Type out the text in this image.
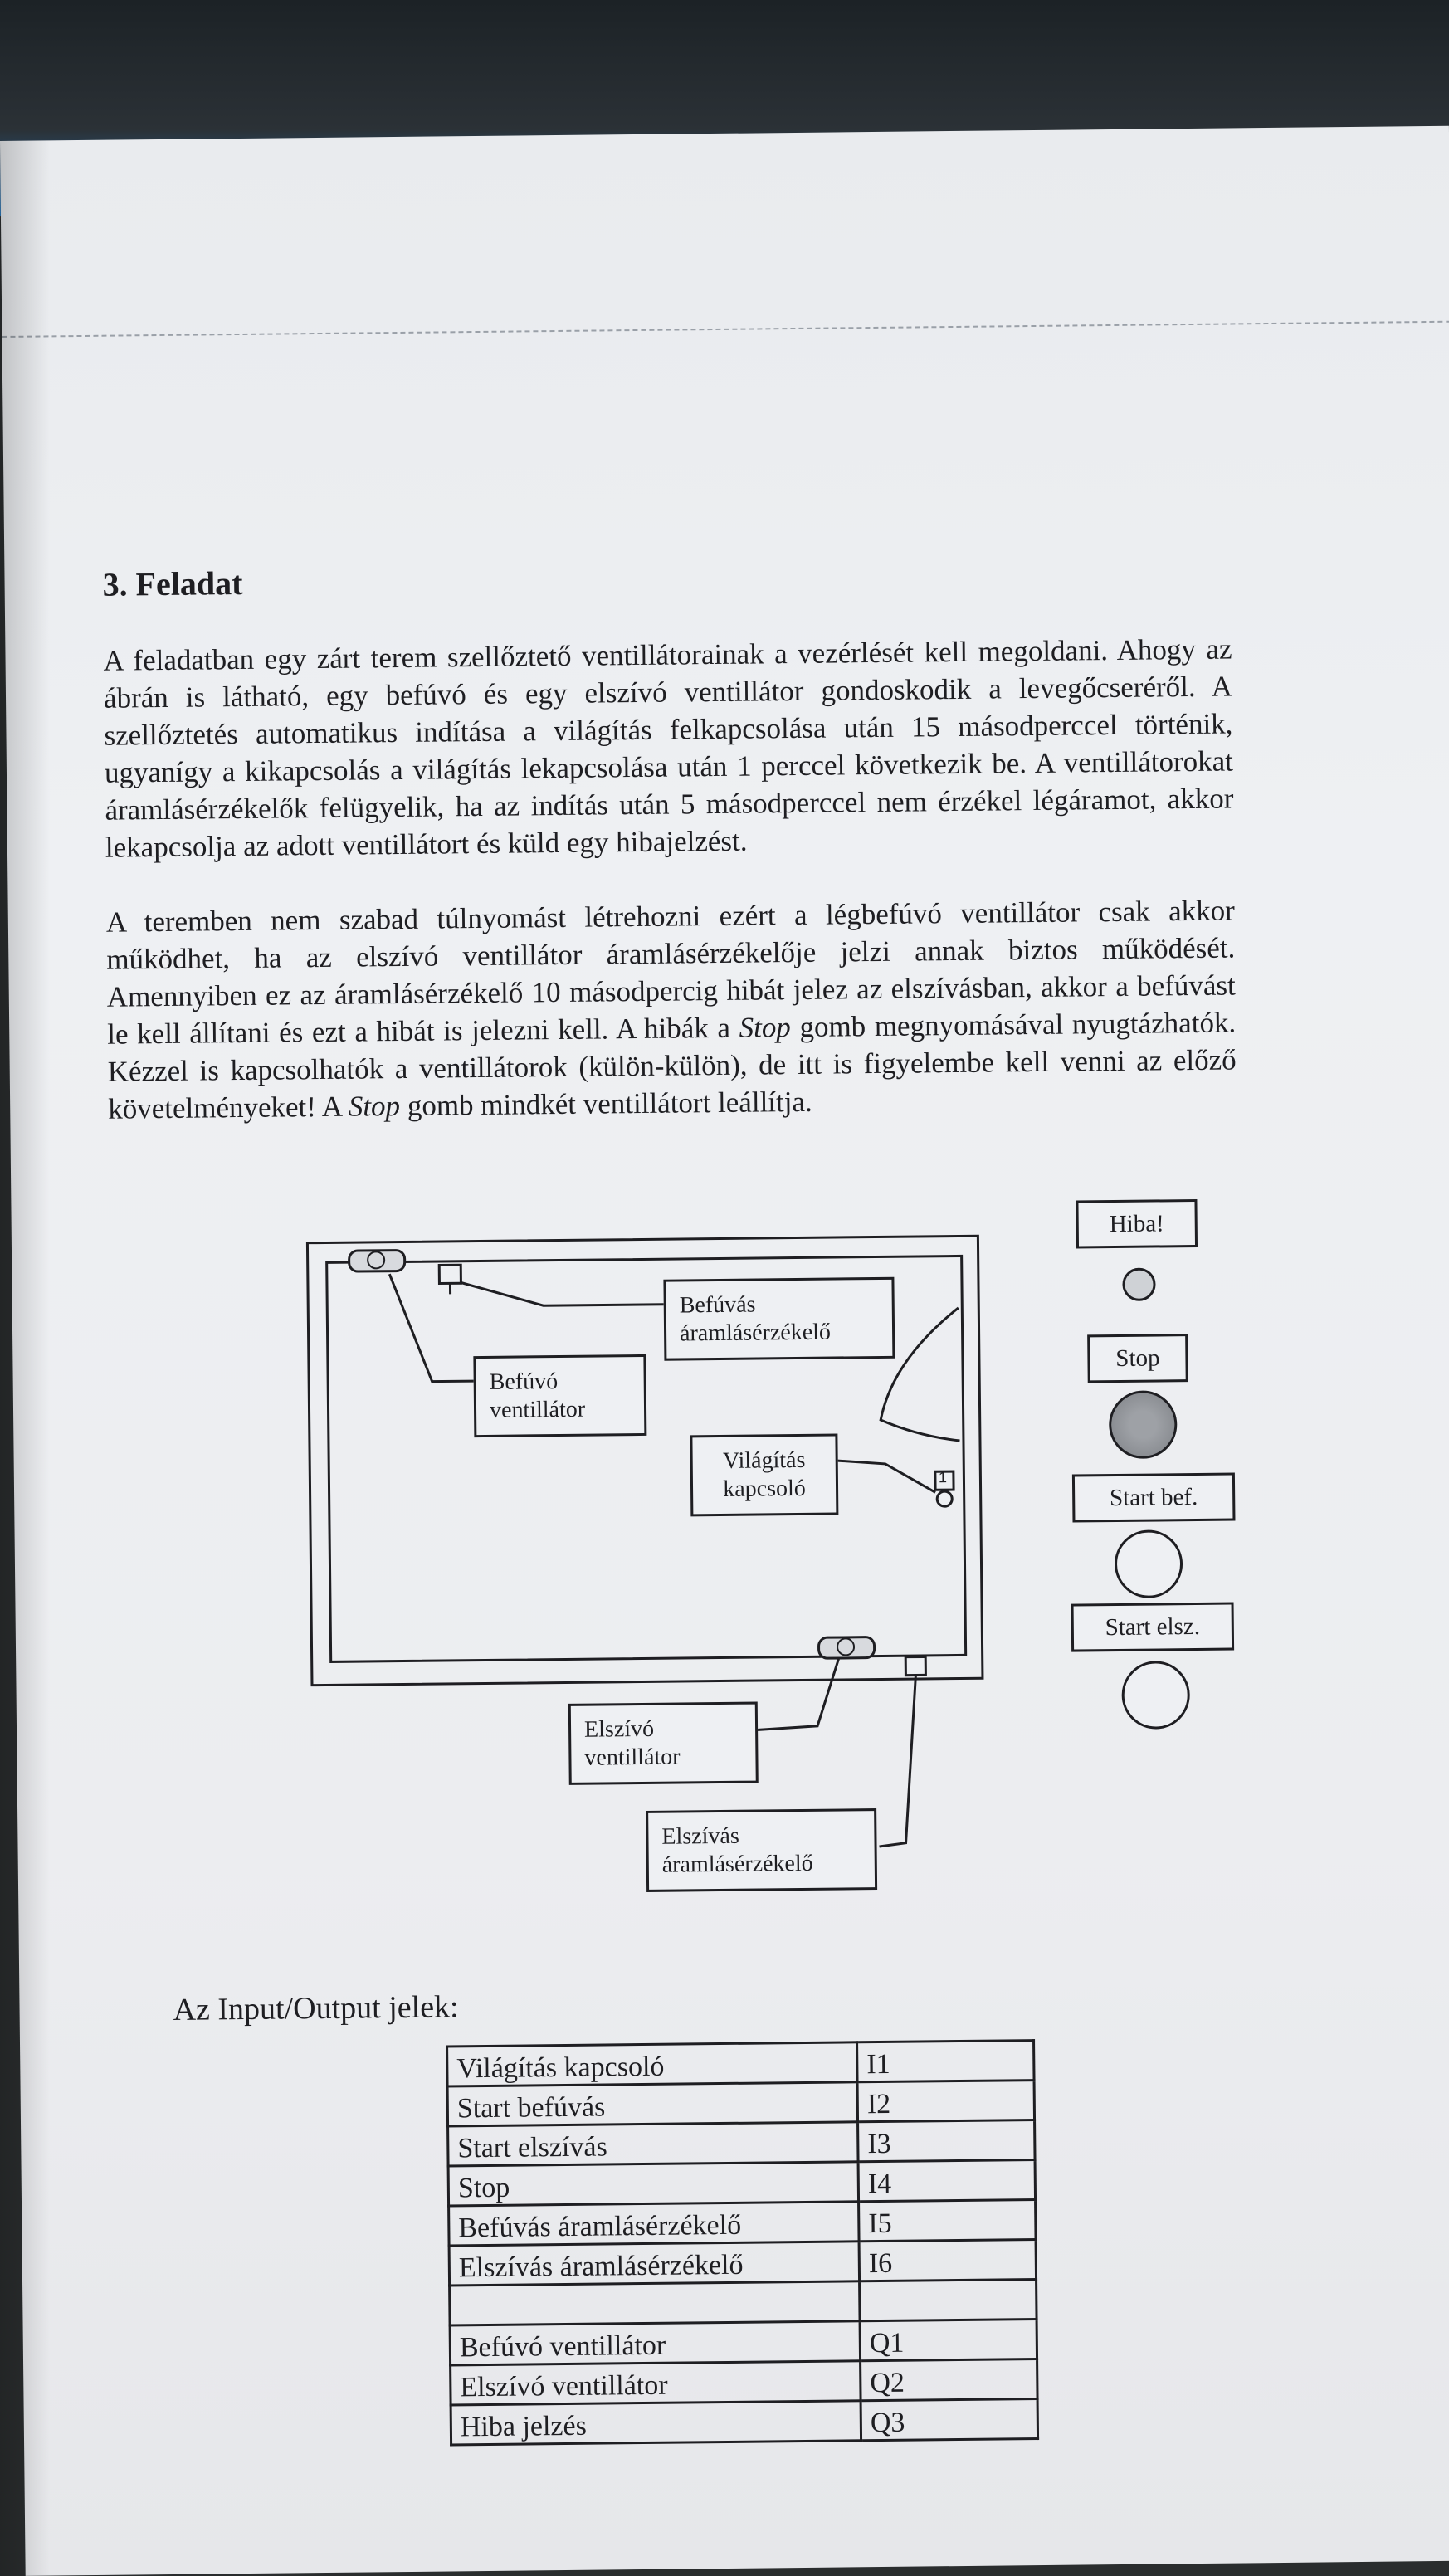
3. Feladat
A feladatban egy zárt terem szellőztető ventillátorainak a vezérlését kell megoldani. Ahogy az ábrán is látható, egy befúvó és egy elszívó ventillátor gondoskodik a levegőcseréről. A szellőztetés automatikus indítása a világítás felkapcsolása után 15 másodperccel történik, ugyanígy a kikapcsolás a világítás lekapcsolása után 1 perccel következik be. A ventillátorokat áramlásérzékelők felügyelik, ha az indítás után 5 másodperccel nem érzékel légáramot, akkor lekapcsolja az adott ventillátort és küld egy hibajelzést.
A teremben nem szabad túlnyomást létrehozni ezért a légbefúvó ventillátor csak akkor működhet, ha az elszívó ventillátor áramlásérzékelője jelzi annak biztos működését. Amennyiben ez az áramlásérzékelő 10 másodpercig hibát jelez az elszívásban, akkor a befúvást le kell állítani és ezt a hibát is jelezni kell. A hibák a Stop gomb megnyomásával nyugtázhatók. Kézzel is kapcsolhatók a ventillátorok (külön-külön), de itt is figyelembe kell venni az előző követelményeket! A Stop gomb mindkét ventillátort leállítja.
Befúvás
áramlásérzékelő
Befúvó
ventillátor
Világítás
kapcsoló	1
Elszívó
ventillátor
Elszívás
áramlásérzékelő
Hiba!
Stop
Start bef.
Start elsz.
Az Input/Output jelek:
Világítás kapcsoló	I1
Start befúvás	I2
Start elszívás	I3
Stop	I4
Befúvás áramlásérzékelő	I5
Elszívás áramlásérzékelő	I6

Befúvó ventillátor	Q1
Elszívó ventillátor	Q2
Hiba jelzés	Q3
